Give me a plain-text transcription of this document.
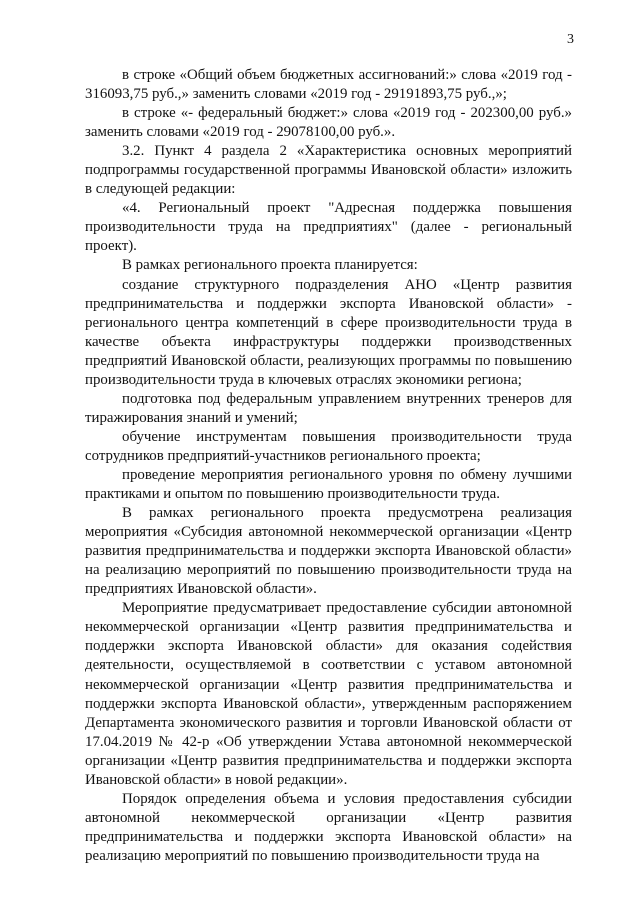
3

в строке «Общий объем бюджетных ассигнований:» слова «2019 год - 316093,75 руб.,» заменить словами «2019 год - 29191893,75 руб.,»;

в строке «- федеральный бюджет:» слова «2019 год - 202300,00 руб.» заменить словами «2019 год - 29078100,00 руб.».

3.2. Пункт 4 раздела 2 «Характеристика основных мероприятий подпрограммы государственной программы Ивановской области» изложить в следующей редакции:

«4. Региональный проект "Адресная поддержка повышения производительности труда на предприятиях" (далее - региональный проект).

В рамках регионального проекта планируется:

создание структурного подразделения АНО «Центр развития предпринимательства и поддержки экспорта Ивановской области» - регионального центра компетенций в сфере производительности труда в качестве объекта инфраструктуры поддержки производственных предприятий Ивановской области, реализующих программы по повышению производительности труда в ключевых отраслях экономики региона;

подготовка под федеральным управлением внутренних тренеров для тиражирования знаний и умений;

обучение инструментам повышения производительности труда сотрудников предприятий-участников регионального проекта;

проведение мероприятия регионального уровня по обмену лучшими практиками и опытом по повышению производительности труда.

В рамках регионального проекта предусмотрена реализация мероприятия «Субсидия автономной некоммерческой организации «Центр развития предпринимательства и поддержки экспорта Ивановской области» на реализацию мероприятий по повышению производительности труда на предприятиях Ивановской области».

Мероприятие предусматривает предоставление субсидии автономной некоммерческой организации «Центр развития предпринимательства и поддержки экспорта Ивановской области» для оказания содействия деятельности, осуществляемой в соответствии с уставом автономной некоммерческой организации «Центр развития предпринимательства и поддержки экспорта Ивановской области», утвержденным распоряжением Департамента экономического развития и торговли Ивановской области от 17.04.2019 № 42-р «Об утверждении Устава автономной некоммерческой организации «Центр развития предпринимательства и поддержки экспорта Ивановской области» в новой редакции».

Порядок определения объема и условия предоставления субсидии автономной некоммерческой организации «Центр развития предпринимательства и поддержки экспорта Ивановской области» на реализацию мероприятий по повышению производительности труда на
